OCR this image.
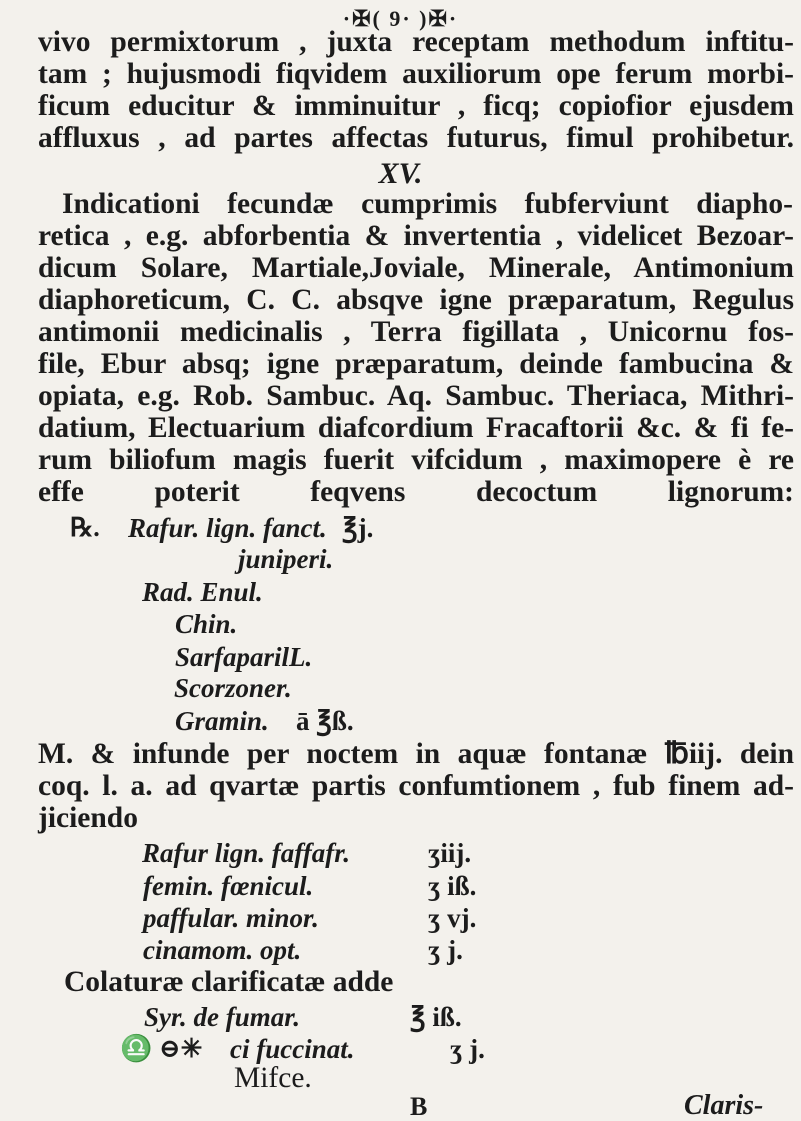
·✠( 9· )✠·
vivo permixtorum , juxta receptam methodum inftitu-
tam ; hujusmodi fiqvidem auxiliorum ope ferum morbi-
ficum educitur & imminuitur , ficq; copiofior ejusdem
affluxus , ad partes affectas futurus, fimul prohibetur.
XV.
Indicationi fecundæ cumprimis fubferviunt diapho-
retica , e.g. abforbentia & invertentia , videlicet Bezoar-
dicum Solare, Martiale,Joviale, Minerale, Antimonium
diaphoreticum, C. C. absqve igne præparatum, Regulus
antimonii medicinalis , Terra figillata , Unicornu fos-
file, Ebur absq; igne præparatum, deinde fambucina &
opiata, e.g. Rob. Sambuc. Aq. Sambuc. Theriaca, Mithri-
datium, Electuarium diafcordium Fracaftorii &c. & fi fe-
rum biliofum magis fuerit vifcidum , maximopere è re
effe poterit feqvens decoctum lignorum:
℞. Rafur. lign. fanct. ℥j.
juniperi.
Rad. Enul.
Chin.
SarfaparilL.
Scorzoner.
Gramin. ā ℥ß.
M. & infunde per noctem in aquæ fontanæ ℔iij. dein
coq. l. a. ad qvartæ partis confumtionem , fub finem ad-
jiciendo
Rafur lign. faffafr.	ʒiij.
femin. fœnicul.	ʒ iß.
paffular. minor.	ʒ vj.
cinamom. opt.	ʒ j.
Colaturæ clarificatæ adde
Syr. de fumar.	℥ iß.
♎ ⊖✳ ci fuccinat.	ʒ j.
Mifce.
B	Claris-
